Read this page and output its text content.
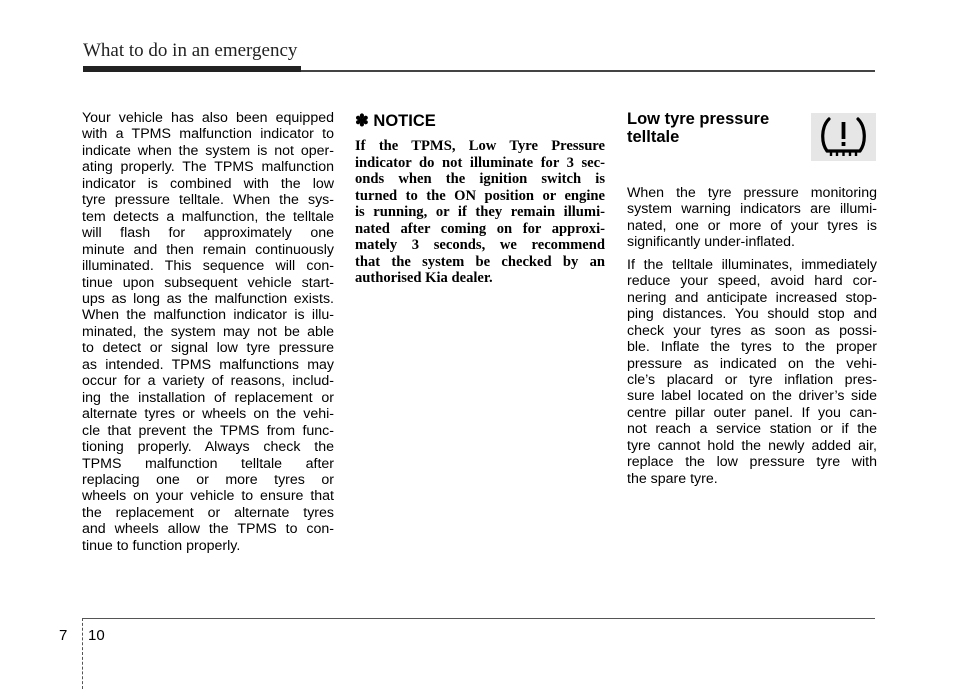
What to do in an emergency
Your vehicle has also been equipped
with a TPMS malfunction indicator to
indicate when the system is not oper-
ating properly. The TPMS malfunction
indicator is combined with the low
tyre pressure telltale. When the sys-
tem detects a malfunction, the telltale
will flash for approximately one
minute and then remain continuously
illuminated. This sequence will con-
tinue upon subsequent vehicle start-
ups as long as the malfunction exists.
When the malfunction indicator is illu-
minated, the system may not be able
to detect or signal low tyre pressure
as intended. TPMS malfunctions may
occur for a variety of reasons, includ-
ing the installation of replacement or
alternate tyres or wheels on the vehi-
cle that prevent the TPMS from func-
tioning properly. Always check the
TPMS malfunction telltale after
replacing one or more tyres or
wheels on your vehicle to ensure that
the replacement or alternate tyres
and wheels allow the TPMS to con-
tinue to function properly.
✽ NOTICE
If the TPMS, Low Tyre Pressure
indicator do not illuminate for 3 sec-
onds when the ignition switch is
turned to the ON position or engine
is running, or if they remain illumi-
nated after coming on for approxi-
mately 3 seconds, we recommend
that the system be checked by an
authorised Kia dealer.
Low tyre pressure
telltale
When the tyre pressure monitoring
system warning indicators are illumi-
nated, one or more of your tyres is
significantly under-inflated.
If the telltale illuminates, immediately
reduce your speed, avoid hard cor-
nering and anticipate increased stop-
ping distances. You should stop and
check your tyres as soon as possi-
ble. Inflate the tyres to the proper
pressure as indicated on the vehi-
cle’s placard or tyre inflation pres-
sure label located on the driver’s side
centre pillar outer panel. If you can-
not reach a service station or if the
tyre cannot hold the newly added air,
replace the low pressure tyre with
the spare tyre.
7 10
